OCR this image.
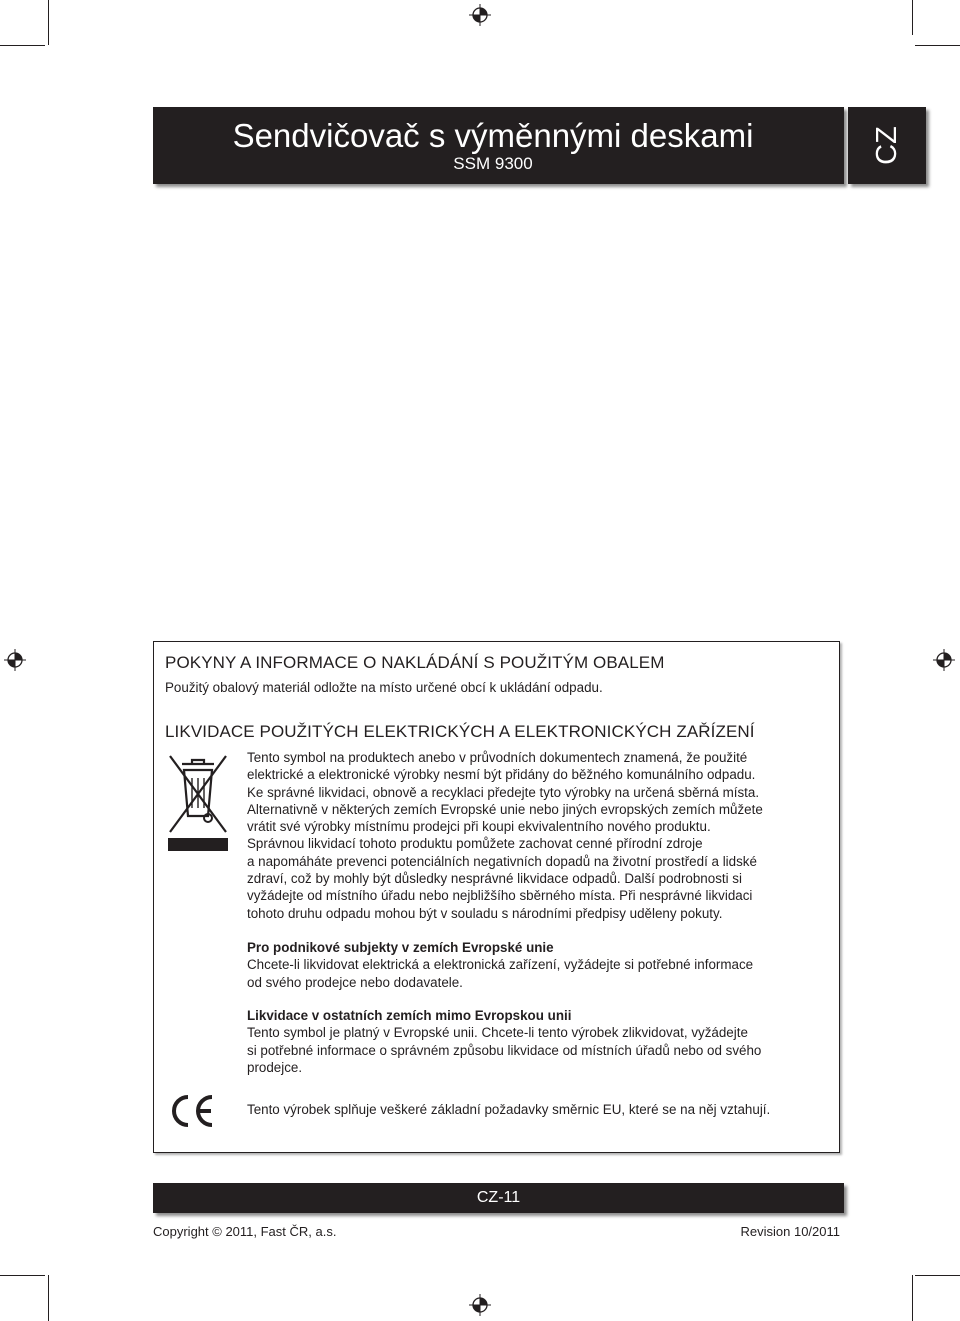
Sendvičovač s výměnnými deskami
SSM 9300	CZ
POKYNY A INFORMACE O NAKLÁDÁNÍ S POUŽITÝM OBALEM
Použitý obalový materiál odložte na místo určené obcí k ukládání odpadu.
LIKVIDACE POUŽITÝCH ELEKTRICKÝCH A ELEKTRONICKÝCH ZAŘÍZENÍ
Tento symbol na produktech anebo v průvodních dokumentech znamená, že použité
elektrické a elektronické výrobky nesmí být přidány do běžného komunálního odpadu.
Ke správné likvidaci, obnově a recyklaci předejte tyto výrobky na určená sběrná místa.
Alternativně v některých zemích Evropské unie nebo jiných evropských zemích můžete
vrátit své výrobky místnímu prodejci při koupi ekvivalentního nového produktu.
Správnou likvidací tohoto produktu pomůžete zachovat cenné přírodní zdroje
a napomáháte prevenci potenciálních negativních dopadů na životní prostředí a lidské
zdraví, což by mohly být důsledky nesprávné likvidace odpadů. Další podrobnosti si
vyžádejte od místního úřadu nebo nejbližšího sběrného místa. Při nesprávné likvidaci
tohoto druhu odpadu mohou být v souladu s národními předpisy uděleny pokuty.
Pro podnikové subjekty v zemích Evropské unie
Chcete-li likvidovat elektrická a elektronická zařízení, vyžádejte si potřebné informace
od svého prodejce nebo dodavatele.
Likvidace v ostatních zemích mimo Evropskou unii
Tento symbol je platný v Evropské unii. Chcete-li tento výrobek zlikvidovat, vyžádejte
si potřebné informace o správném způsobu likvidace od místních úřadů nebo od svého
prodejce.
Tento výrobek splňuje veškeré základní požadavky směrnic EU, které se na něj vztahují.
CZ-11
Copyright © 2011, Fast ČR, a.s.	Revision 10/2011
